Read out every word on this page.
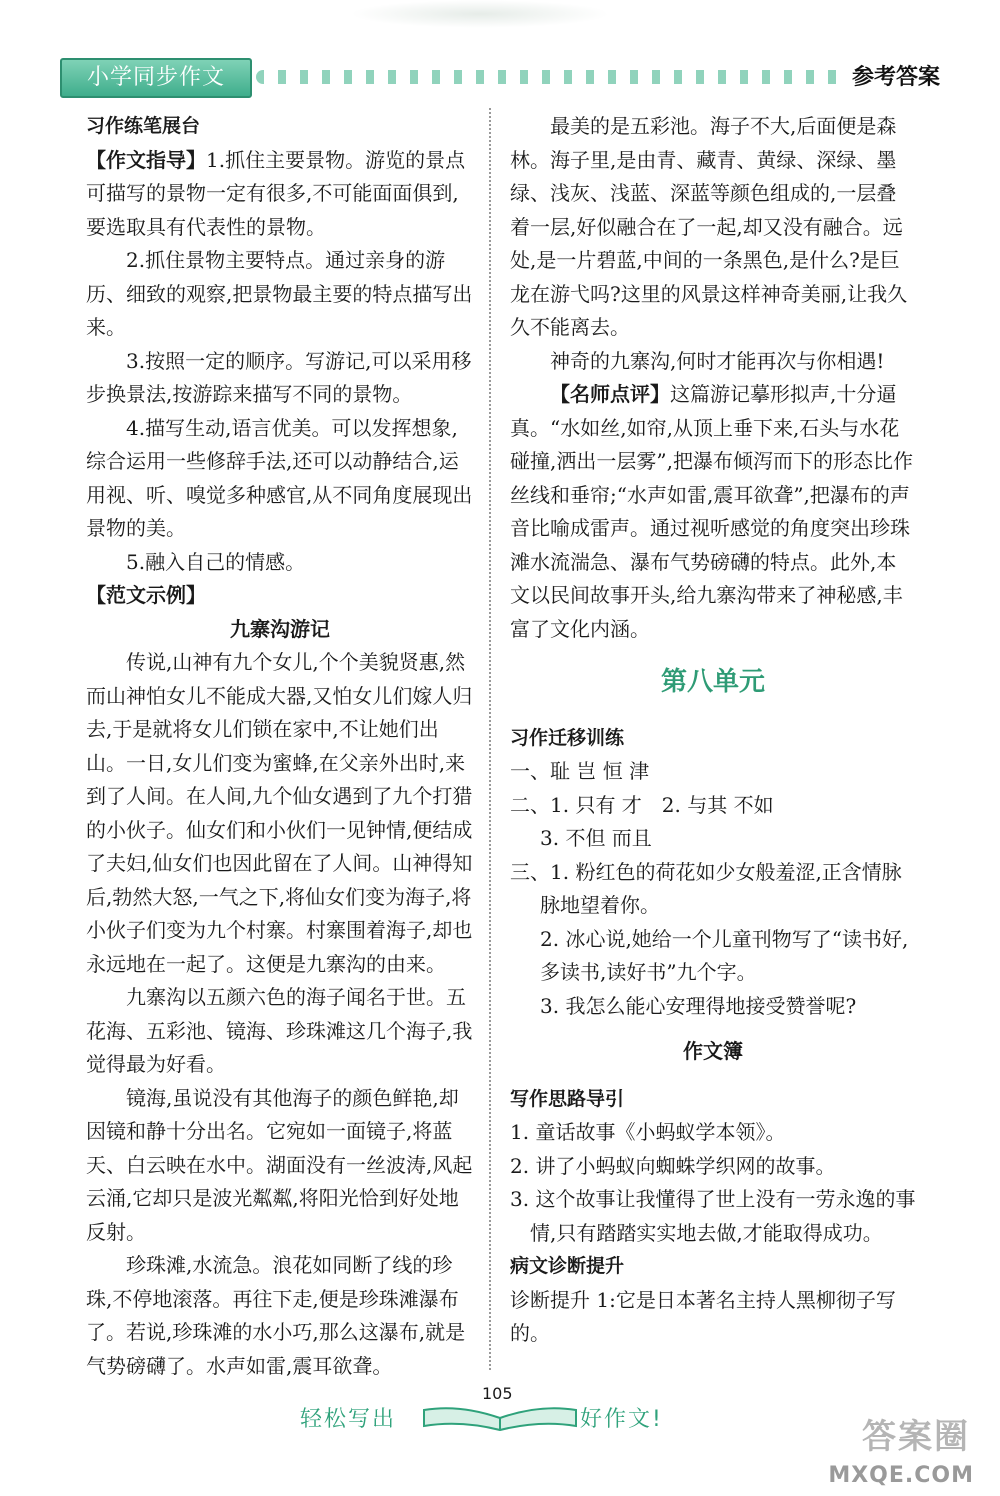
小学同步作文	参考答案

习作练笔展台

【作文指导】1.抓住主要景物。游览的景点可描写的景物一定有很多,不可能面面俱到,要选取具有代表性的景物。

2.抓住景物主要特点。通过亲身的游历、细致的观察,把景物最主要的特点描写出来。

3.按照一定的顺序。写游记,可以采用移步换景法,按游踪来描写不同的景物。

4.描写生动,语言优美。可以发挥想象,综合运用一些修辞手法,还可以动静结合,运用视、听、嗅觉多种感官,从不同角度展现出景物的美。

5.融入自己的情感。

【范文示例】

九寨沟游记

传说,山神有九个女儿,个个美貌贤惠,然而山神怕女儿不能成大器,又怕女儿们嫁人归去,于是就将女儿们锁在家中,不让她们出山。一日,女儿们变为蜜蜂,在父亲外出时,来到了人间。在人间,九个仙女遇到了九个打猎的小伙子。仙女们和小伙们一见钟情,便结成了夫妇,仙女们也因此留在了人间。山神得知后,勃然大怒,一气之下,将仙女们变为海子,将小伙子们变为九个村寨。村寨围着海子,却也永远地在一起了。这便是九寨沟的由来。

九寨沟以五颜六色的海子闻名于世。五花海、五彩池、镜海、珍珠滩这几个海子,我觉得最为好看。

镜海,虽说没有其他海子的颜色鲜艳,却因镜和静十分出名。它宛如一面镜子,将蓝天、白云映在水中。湖面没有一丝波涛,风起云涌,它却只是波光粼粼,将阳光恰到好处地反射。

珍珠滩,水流急。浪花如同断了线的珍珠,不停地滚落。再往下走,便是珍珠滩瀑布了。若说,珍珠滩的水小巧,那么这瀑布,就是气势磅礴了。水声如雷,震耳欲聋。

最美的是五彩池。海子不大,后面便是森林。海子里,是由青、藏青、黄绿、深绿、墨绿、浅灰、浅蓝、深蓝等颜色组成的,一层叠着一层,好似融合在了一起,却又没有融合。远处,是一片碧蓝,中间的一条黑色,是什么?是巨龙在游弋吗?这里的风景这样神奇美丽,让我久久不能离去。

神奇的九寨沟,何时才能再次与你相遇!

【名师点评】这篇游记摹形拟声,十分逼真。“水如丝,如帘,从顶上垂下来,石头与水花碰撞,洒出一层雾”,把瀑布倾泻而下的形态比作丝线和垂帘;“水声如雷,震耳欲聋”,把瀑布的声音比喻成雷声。通过视听感觉的角度突出珍珠滩水流湍急、瀑布气势磅礴的特点。此外,本文以民间故事开头,给九寨沟带来了神秘感,丰富了文化内涵。

第八单元

习作迁移训练

一、耻 岂 恒 津

二、1. 只有 才　 2. 与其 不如

3. 不但 而且

三、1. 粉红色的荷花如少女般羞涩,正含情脉脉地望着你。

2. 冰心说,她给一个儿童刊物写了“读书好,多读书,读好书”九个字。

3. 我怎么能心安理得地接受赞誉呢?

作文簿

写作思路导引

1. 童话故事《小蚂蚁学本领》。

2. 讲了小蚂蚁向蜘蛛学织网的故事。

3. 这个故事让我懂得了世上没有一劳永逸的事情,只有踏踏实实地去做,才能取得成功。

病文诊断提升

诊断提升 1:它是日本著名主持人黑柳彻子写的。

105
轻松写出	好作文!	答案圈
MXQE.COM
